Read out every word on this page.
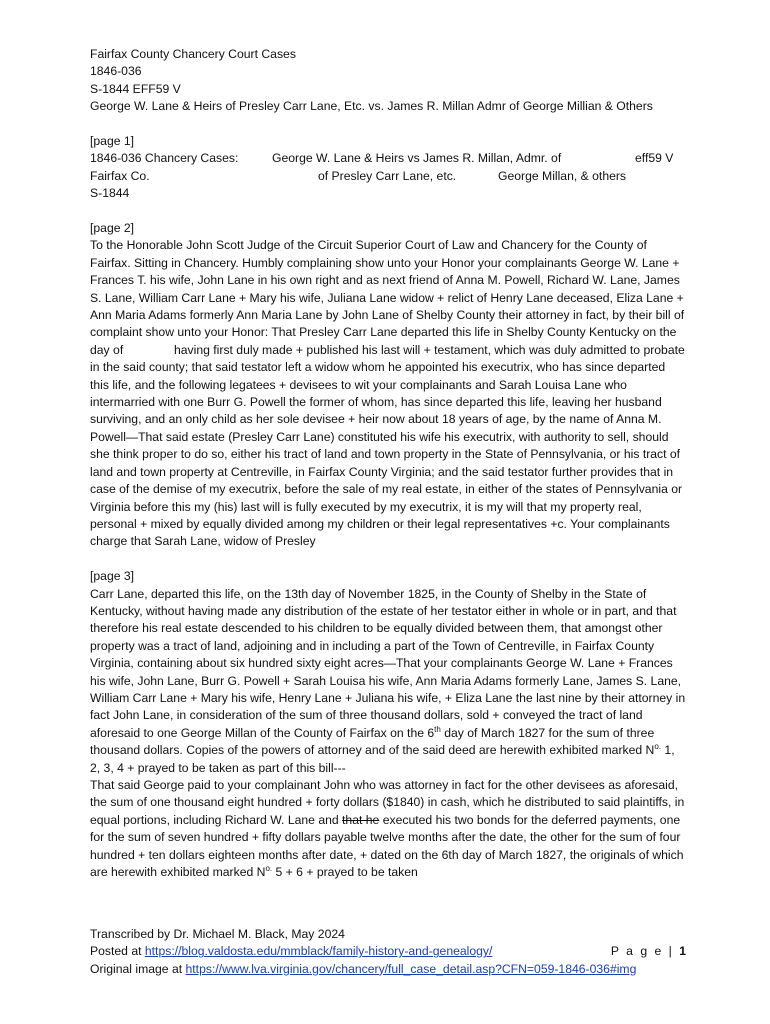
Fairfax County Chancery Court Cases
1846-036
S-1844 EFF59 V
George W. Lane & Heirs of Presley Carr Lane, Etc. vs. James R. Millan Admr of George Millian & Others
[page 1]
1846-036 Chancery Cases:	George W. Lane & Heirs vs James R. Millan, Admr. of	eff59 V
Fairfax Co.	of Presley Carr Lane, etc.	George Millan, & others
S-1844
[page 2]

To the Honorable John Scott Judge of the Circuit Superior Court of Law and Chancery for the County of Fairfax. Sitting in Chancery. Humbly complaining show unto your Honor your complainants George W. Lane + Frances T. his wife, John Lane in his own right and as next friend of Anna M. Powell, Richard W. Lane, James S. Lane, William Carr Lane + Mary his wife, Juliana Lane widow + relict of Henry Lane deceased, Eliza Lane + Ann Maria Adams formerly Ann Maria Lane by John Lane of Shelby County their attorney in fact, by their bill of complaint show unto your Honor: That Presley Carr Lane departed this life in Shelby County Kentucky on the       day of               having first duly made + published his last will + testament, which was duly admitted to probate in the said county; that said testator left a widow whom he appointed his executrix, who has since departed this life, and the following legatees + devisees to wit your complainants and Sarah Louisa Lane who intermarried with one Burr G. Powell the former of whom, has since departed this life, leaving her husband surviving, and an only child as her sole devisee + heir now about 18 years of age, by the name of Anna M. Powell—That said estate (Presley Carr Lane) constituted his wife his executrix, with authority to sell, should she think proper to do so, either his tract of land and town property in the State of Pennsylvania, or his tract of land and town property at Centreville, in Fairfax County Virginia; and the said testator further provides that in case of the demise of my executrix, before the sale of my real estate, in either of the states of Pennsylvania or Virginia before this my (his) last will is fully executed by my executrix, it is my will that my property real, personal + mixed by equally divided among my children or their legal representatives +c. Your complainants charge that Sarah Lane, widow of Presley

[page 3]

Carr Lane, departed this life, on the 13th day of November 1825, in the County of Shelby in the State of Kentucky, without having made any distribution of the estate of her testator either in whole or in part, and that therefore his real estate descended to his children to be equally divided between them, that amongst other property was a tract of land, adjoining and in including a part of the Town of Centreville, in Fairfax County Virginia, containing about six hundred sixty eight acres—That your complainants George W. Lane + Frances his wife, John Lane, Burr G. Powell + Sarah Louisa his wife, Ann Maria Adams formerly Lane, James S. Lane, William Carr Lane + Mary his wife, Henry Lane + Juliana his wife, + Eliza Lane the last nine by their attorney in fact John Lane, in consideration of the sum of three thousand dollars, sold + conveyed the tract of land aforesaid to one George Millan of the County of Fairfax on the 6th day of March 1827 for the sum of three thousand dollars. Copies of the powers of attorney and of the said deed are herewith exhibited marked $N^{o.}$ 1, 2, 3, 4 + prayed to be taken as part of this bill---

That said George paid to your complainant John who was attorney in fact for the other devisees as aforesaid, the sum of one thousand eight hundred + forty dollars ($1840) in cash, which he distributed to said plaintiffs, in equal portions, including Richard W. Lane and that he executed his two bonds for the deferred payments, one for the sum of seven hundred + fifty dollars payable twelve months after the date, the other for the sum of four hundred + ten dollars eighteen months after date, + dated on the 6th day of March 1827, the originals of which are herewith exhibited marked $N^{o.}$ 5 + 6 + prayed to be taken

Transcribed by Dr. Michael M. Black, May 2024
Posted at https://blog.valdosta.edu/mmblack/family-history-and-genealogy/
Original image at https://www.lva.virginia.gov/chancery/full_case_detail.asp?CFN=059-1846-036#img
P a g e | 1
